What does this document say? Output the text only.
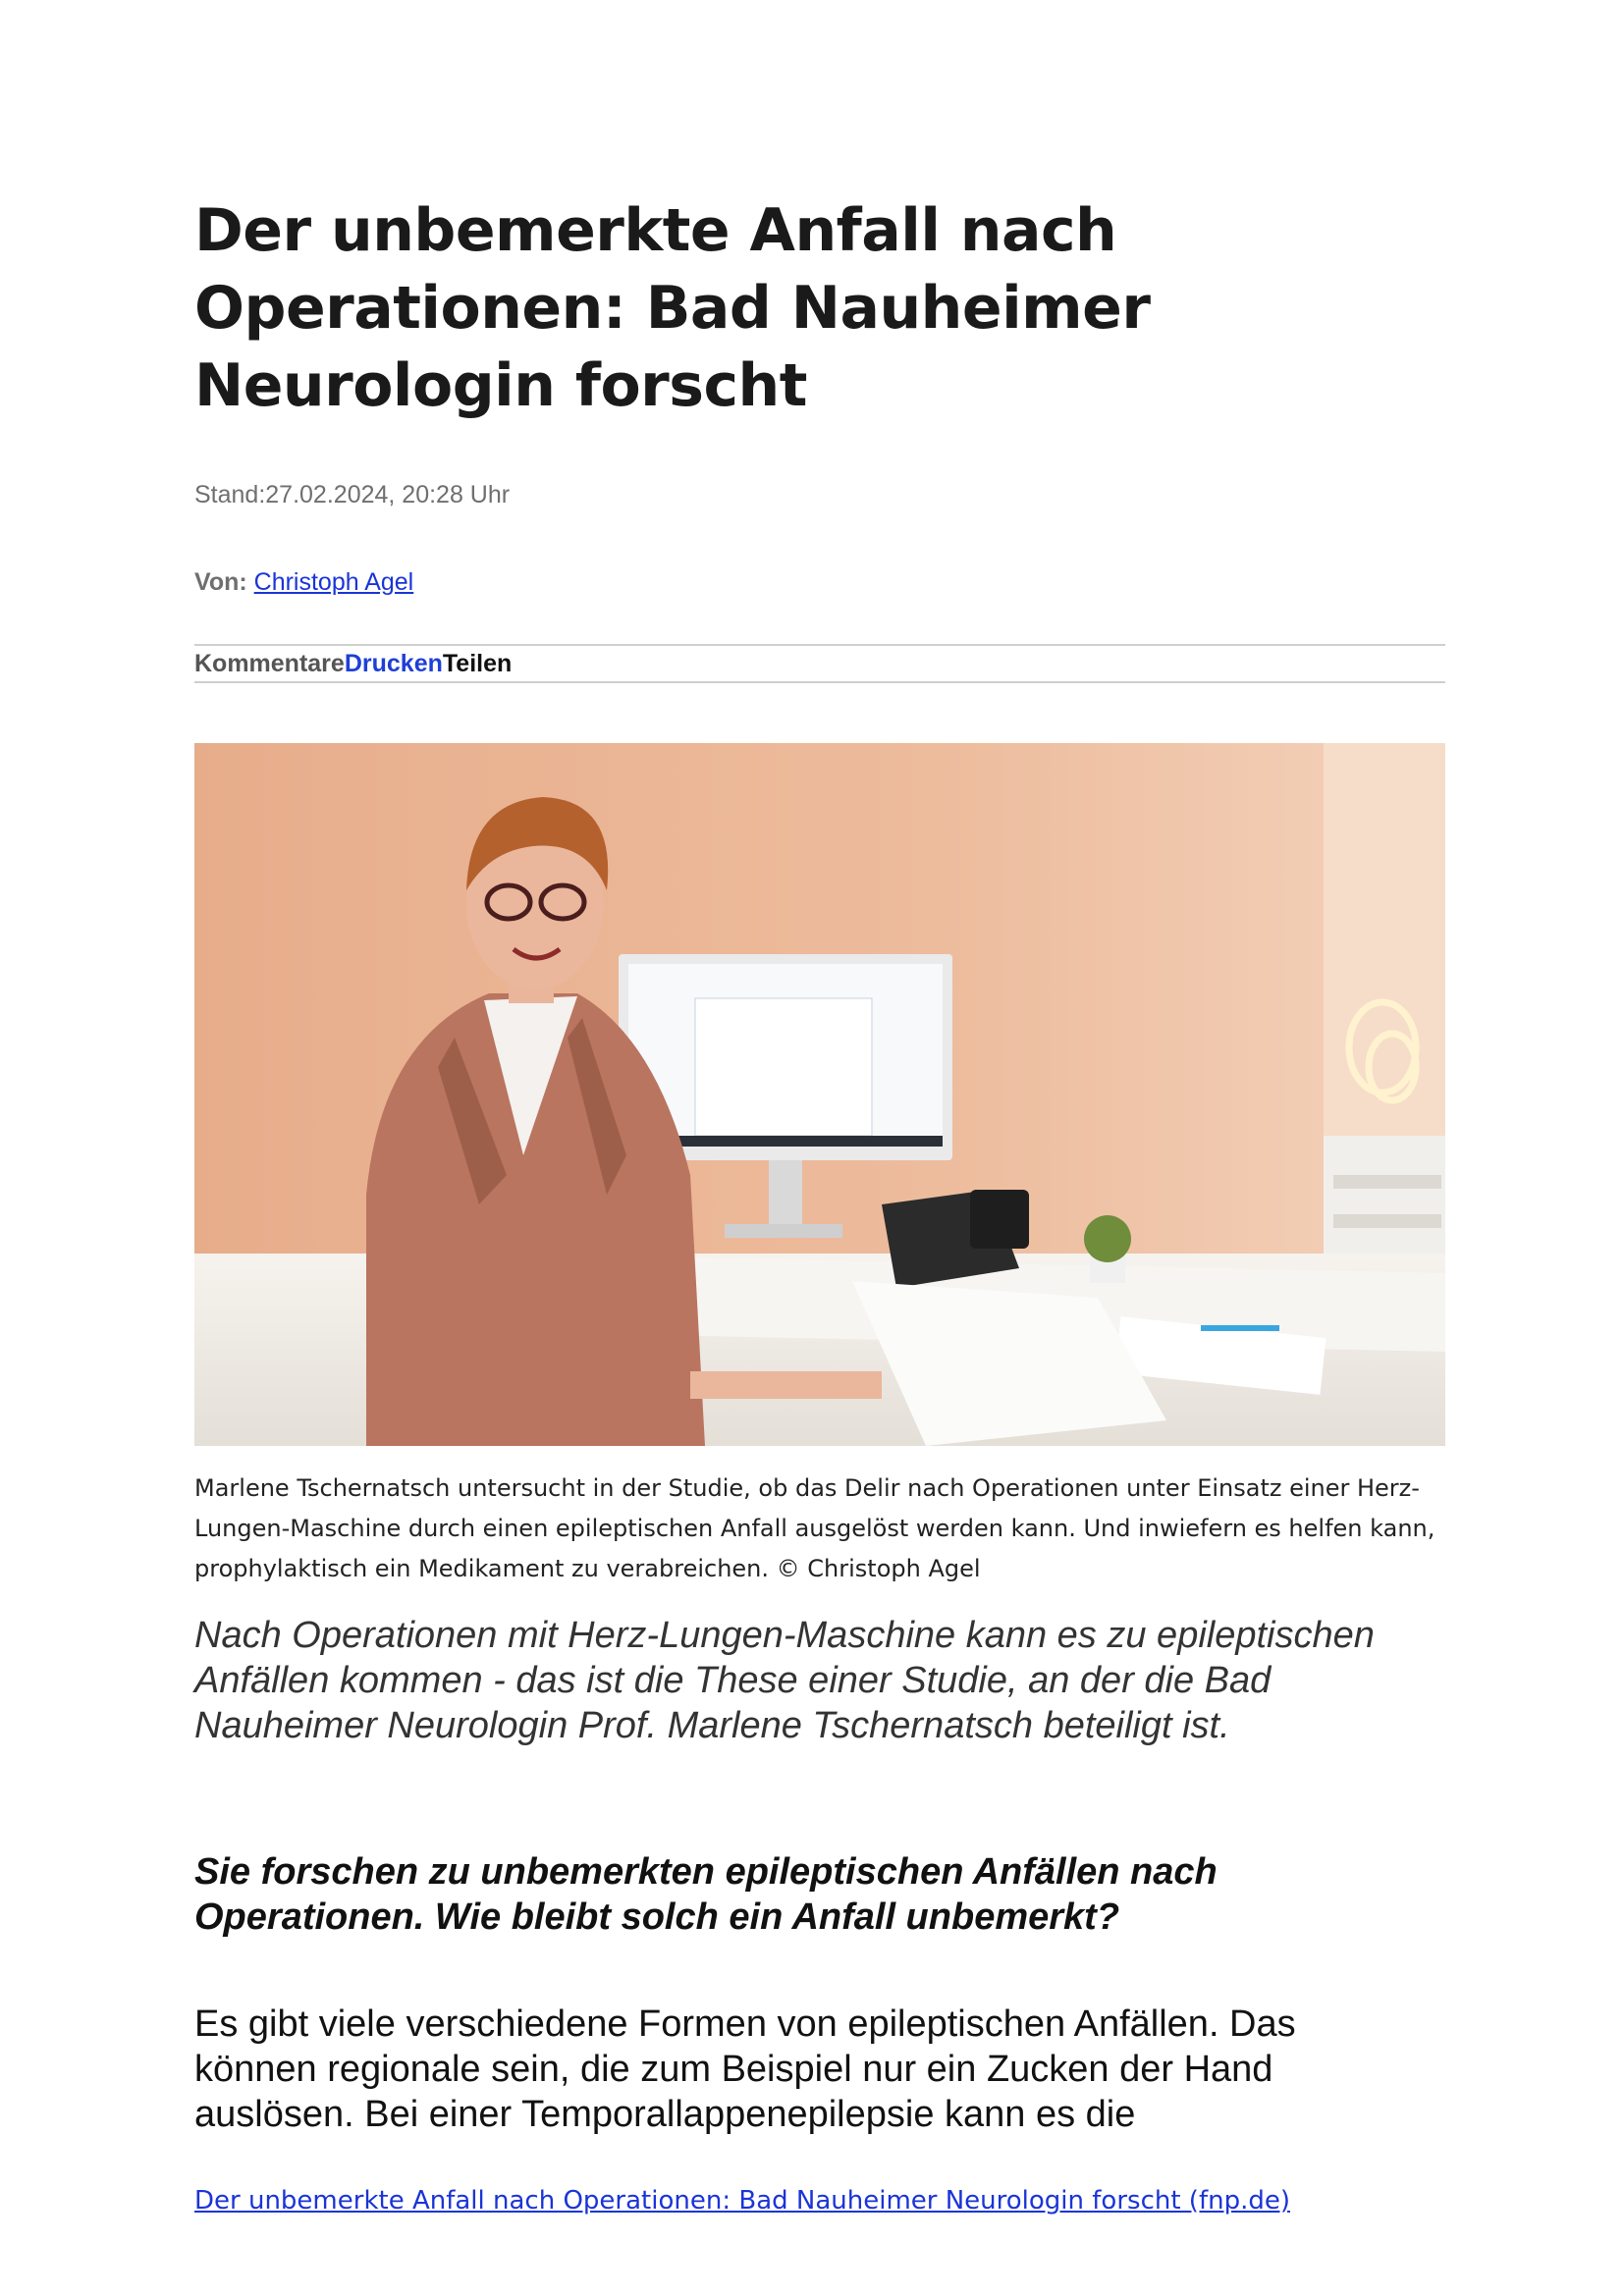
Der unbemerkte Anfall nach Operationen: Bad Nauheimer Neurologin forscht

Stand:27.02.2024, 20:28 Uhr

Von: Christoph Agel

KommentareDruckenTeilen

Marlene Tschernatsch untersucht in der Studie, ob das Delir nach Operationen unter Einsatz einer Herz-Lungen-Maschine durch einen epileptischen Anfall ausgelöst werden kann. Und inwiefern es helfen kann, prophylaktisch ein Medikament zu verabreichen. © Christoph Agel

Nach Operationen mit Herz-Lungen-Maschine kann es zu epileptischen Anfällen kommen - das ist die These einer Studie, an der die Bad Nauheimer Neurologin Prof. Marlene Tschernatsch beteiligt ist.

Sie forschen zu unbemerkten epileptischen Anfällen nach Operationen. Wie bleibt solch ein Anfall unbemerkt?

Es gibt viele verschiedene Formen von epileptischen Anfällen. Das können regionale sein, die zum Beispiel nur ein Zucken der Hand auslösen. Bei einer Temporallappenepilepsie kann es die

Der unbemerkte Anfall nach Operationen: Bad Nauheimer Neurologin forscht (fnp.de)
